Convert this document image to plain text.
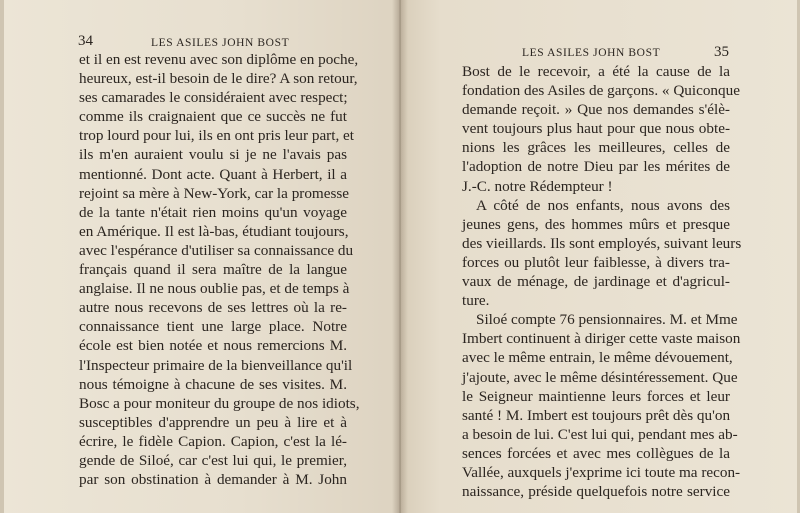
34	LES ASILES JOHN BOST
et il en est revenu avec son diplôme en poche,
heureux, est-il besoin de le dire? A son retour,
ses camarades le considéraient avec respect;
comme ils craignaient que ce succès ne fut
trop lourd pour lui, ils en ont pris leur part, et
ils m'en auraient voulu si je ne l'avais pas
mentionné. Dont acte. Quant à Herbert, il a
rejoint sa mère à New-York, car la promesse
de la tante n'était rien moins qu'un voyage
en Amérique. Il est là-bas, étudiant toujours,
avec l'espérance d'utiliser sa connaissance du
français quand il sera maître de la langue
anglaise. Il ne nous oublie pas, et de temps à
autre nous recevons de ses lettres où la re-
connaissance tient une large place. Notre
école est bien notée et nous remercions M.
l'Inspecteur primaire de la bienveillance qu'il
nous témoigne à chacune de ses visites. M.
Bosc a pour moniteur du groupe de nos idiots,
susceptibles d'apprendre un peu à lire et à
écrire, le fidèle Capion. Capion, c'est la lé-
gende de Siloé, car c'est lui qui, le premier,
par son obstination à demander à M. John
35
LES ASILES JOHN BOST
Bost de le recevoir, a été la cause de la
fondation des Asiles de garçons. « Quiconque
demande reçoit. » Que nos demandes s'élè-
vent toujours plus haut pour que nous obte-
nions les grâces les meilleures, celles de
l'adoption de notre Dieu par les mérites de
J.-C. notre Rédempteur !
A côté de nos enfants, nous avons des
jeunes gens, des hommes mûrs et presque
des vieillards. Ils sont employés, suivant leurs
forces ou plutôt leur faiblesse, à divers tra-
vaux de ménage, de jardinage et d'agricul-
ture.
Siloé compte 76 pensionnaires. M. et Mme
Imbert continuent à diriger cette vaste maison
avec le même entrain, le même dévouement,
j'ajoute, avec le même désintéressement. Que
le Seigneur maintienne leurs forces et leur
santé ! M. Imbert est toujours prêt dès qu'on
a besoin de lui. C'est lui qui, pendant mes ab-
sences forcées et avec mes collègues de la
Vallée, auxquels j'exprime ici toute ma recon-
naissance, préside quelquefois notre service
